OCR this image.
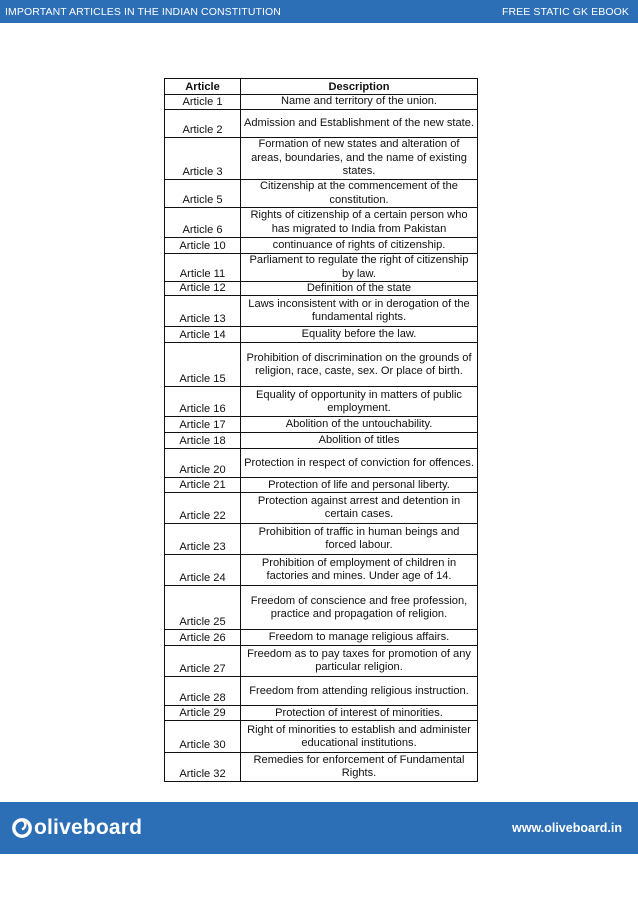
IMPORTANT ARTICLES IN THE INDIAN CONSTITUTION	FREE STATIC GK EBOOK
Article	Description
Article 1	Name and territory of the union.
Article 2	Admission and Establishment of the new state.
Article 3	Formation of new states and alteration of areas, boundaries, and the name of existing states.
Article 5	Citizenship at the commencement of the constitution.
Article 6	Rights of citizenship of a certain person who has migrated to India from Pakistan
Article 10	continuance of rights of citizenship.
Article 11	Parliament to regulate the right of citizenship by law.
Article 12	Definition of the state
Article 13	Laws inconsistent with or in derogation of the fundamental rights.
Article 14	Equality before the law.
Article 15	Prohibition of discrimination on the grounds of religion, race, caste, sex. Or place of birth.
Article 16	Equality of opportunity in matters of public employment.
Article 17	Abolition of the untouchability.
Article 18	Abolition of titles
Article 20	Protection in respect of conviction for offences.
Article 21	Protection of life and personal liberty.
Article 22	Protection against arrest and detention in certain cases.
Article 23	Prohibition of traffic in human beings and forced labour.
Article 24	Prohibition of employment of children in factories and mines. Under age of 14.
Article 25	Freedom of conscience and free profession, practice and propagation of religion.
Article 26	Freedom to manage religious affairs.
Article 27	Freedom as to pay taxes for promotion of any particular religion.
Article 28	Freedom from attending religious instruction.
Article 29	Protection of interest of minorities.
Article 30	Right of minorities to establish and administer educational institutions.
Article 32	Remedies for enforcement of Fundamental Rights.
oliveboard	www.oliveboard.in
